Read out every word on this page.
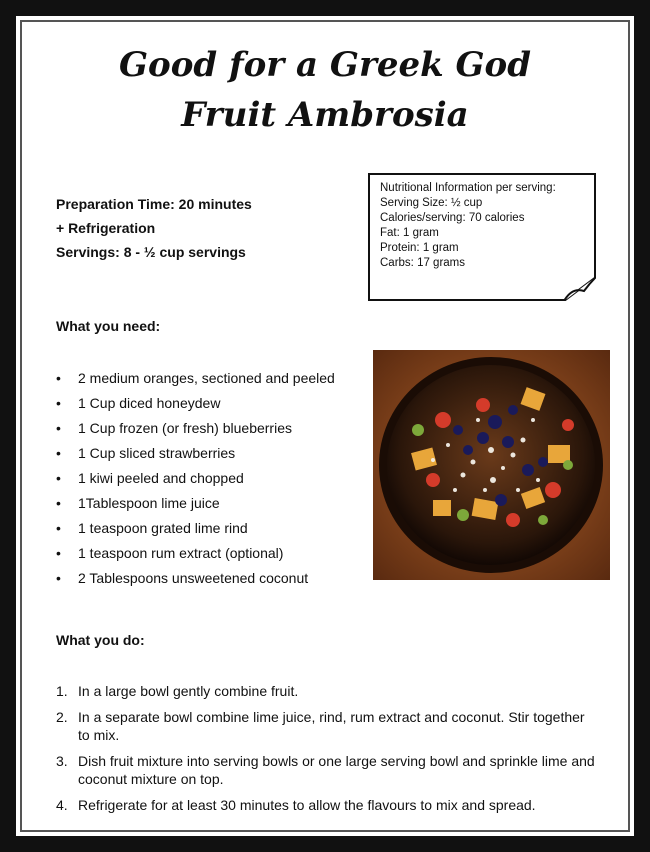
Good for a Greek God
Fruit Ambrosia
Preparation Time: 20 minutes
+ Refrigeration
Servings: 8 - ½ cup servings
Nutritional Information per serving:
Serving Size: ½ cup
Calories/serving: 70 calories
Fat: 1 gram
Protein: 1 gram
Carbs: 17 grams
What you need:
• 2 medium oranges, sectioned and peeled
• 1 Cup diced honeydew
• 1 Cup frozen (or fresh) blueberries
• 1 Cup sliced strawberries
• 1 kiwi peeled and chopped
• 1Tablespoon lime juice
• 1 teaspoon grated lime rind
• 1 teaspoon rum extract (optional)
• 2 Tablespoons unsweetened coconut
What you do:
1. In a large bowl gently combine fruit.
2. In a separate bowl combine lime juice, rind, rum extract and coconut. Stir together to mix.
3. Dish fruit mixture into serving bowls or one large serving bowl and sprinkle lime and coconut mixture on top.
4. Refrigerate for at least 30 minutes to allow the flavours to mix and spread.
